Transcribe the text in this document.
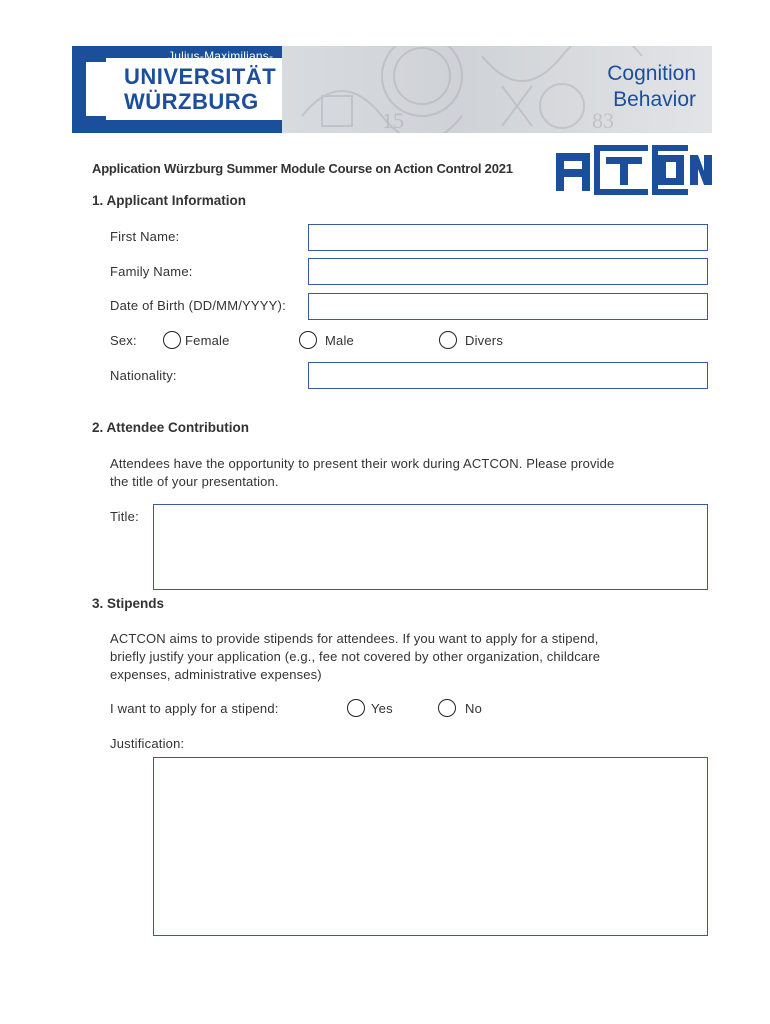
15	83
Julius-Maximilians-
UNIVERSITÄT
WÜRZBURG
Cognition
Behavior
Application Würzburg Summer Module Course on Action Control 2021
1. Applicant Information
First Name:
Family Name:
Date of Birth (DD/MM/YYYY):
Sex:	Female	Male	Divers
Nationality:
2. Attendee Contribution
Attendees have the opportunity to present their work during ACTCON. Please provide
the title of your presentation.
Title:
3. Stipends
ACTCON aims to provide stipends for attendees. If you want to apply for a stipend,
briefly justify your application (e.g., fee not covered by other organization, childcare
expenses, administrative expenses)
I want to apply for a stipend:	Yes	No
Justification:
